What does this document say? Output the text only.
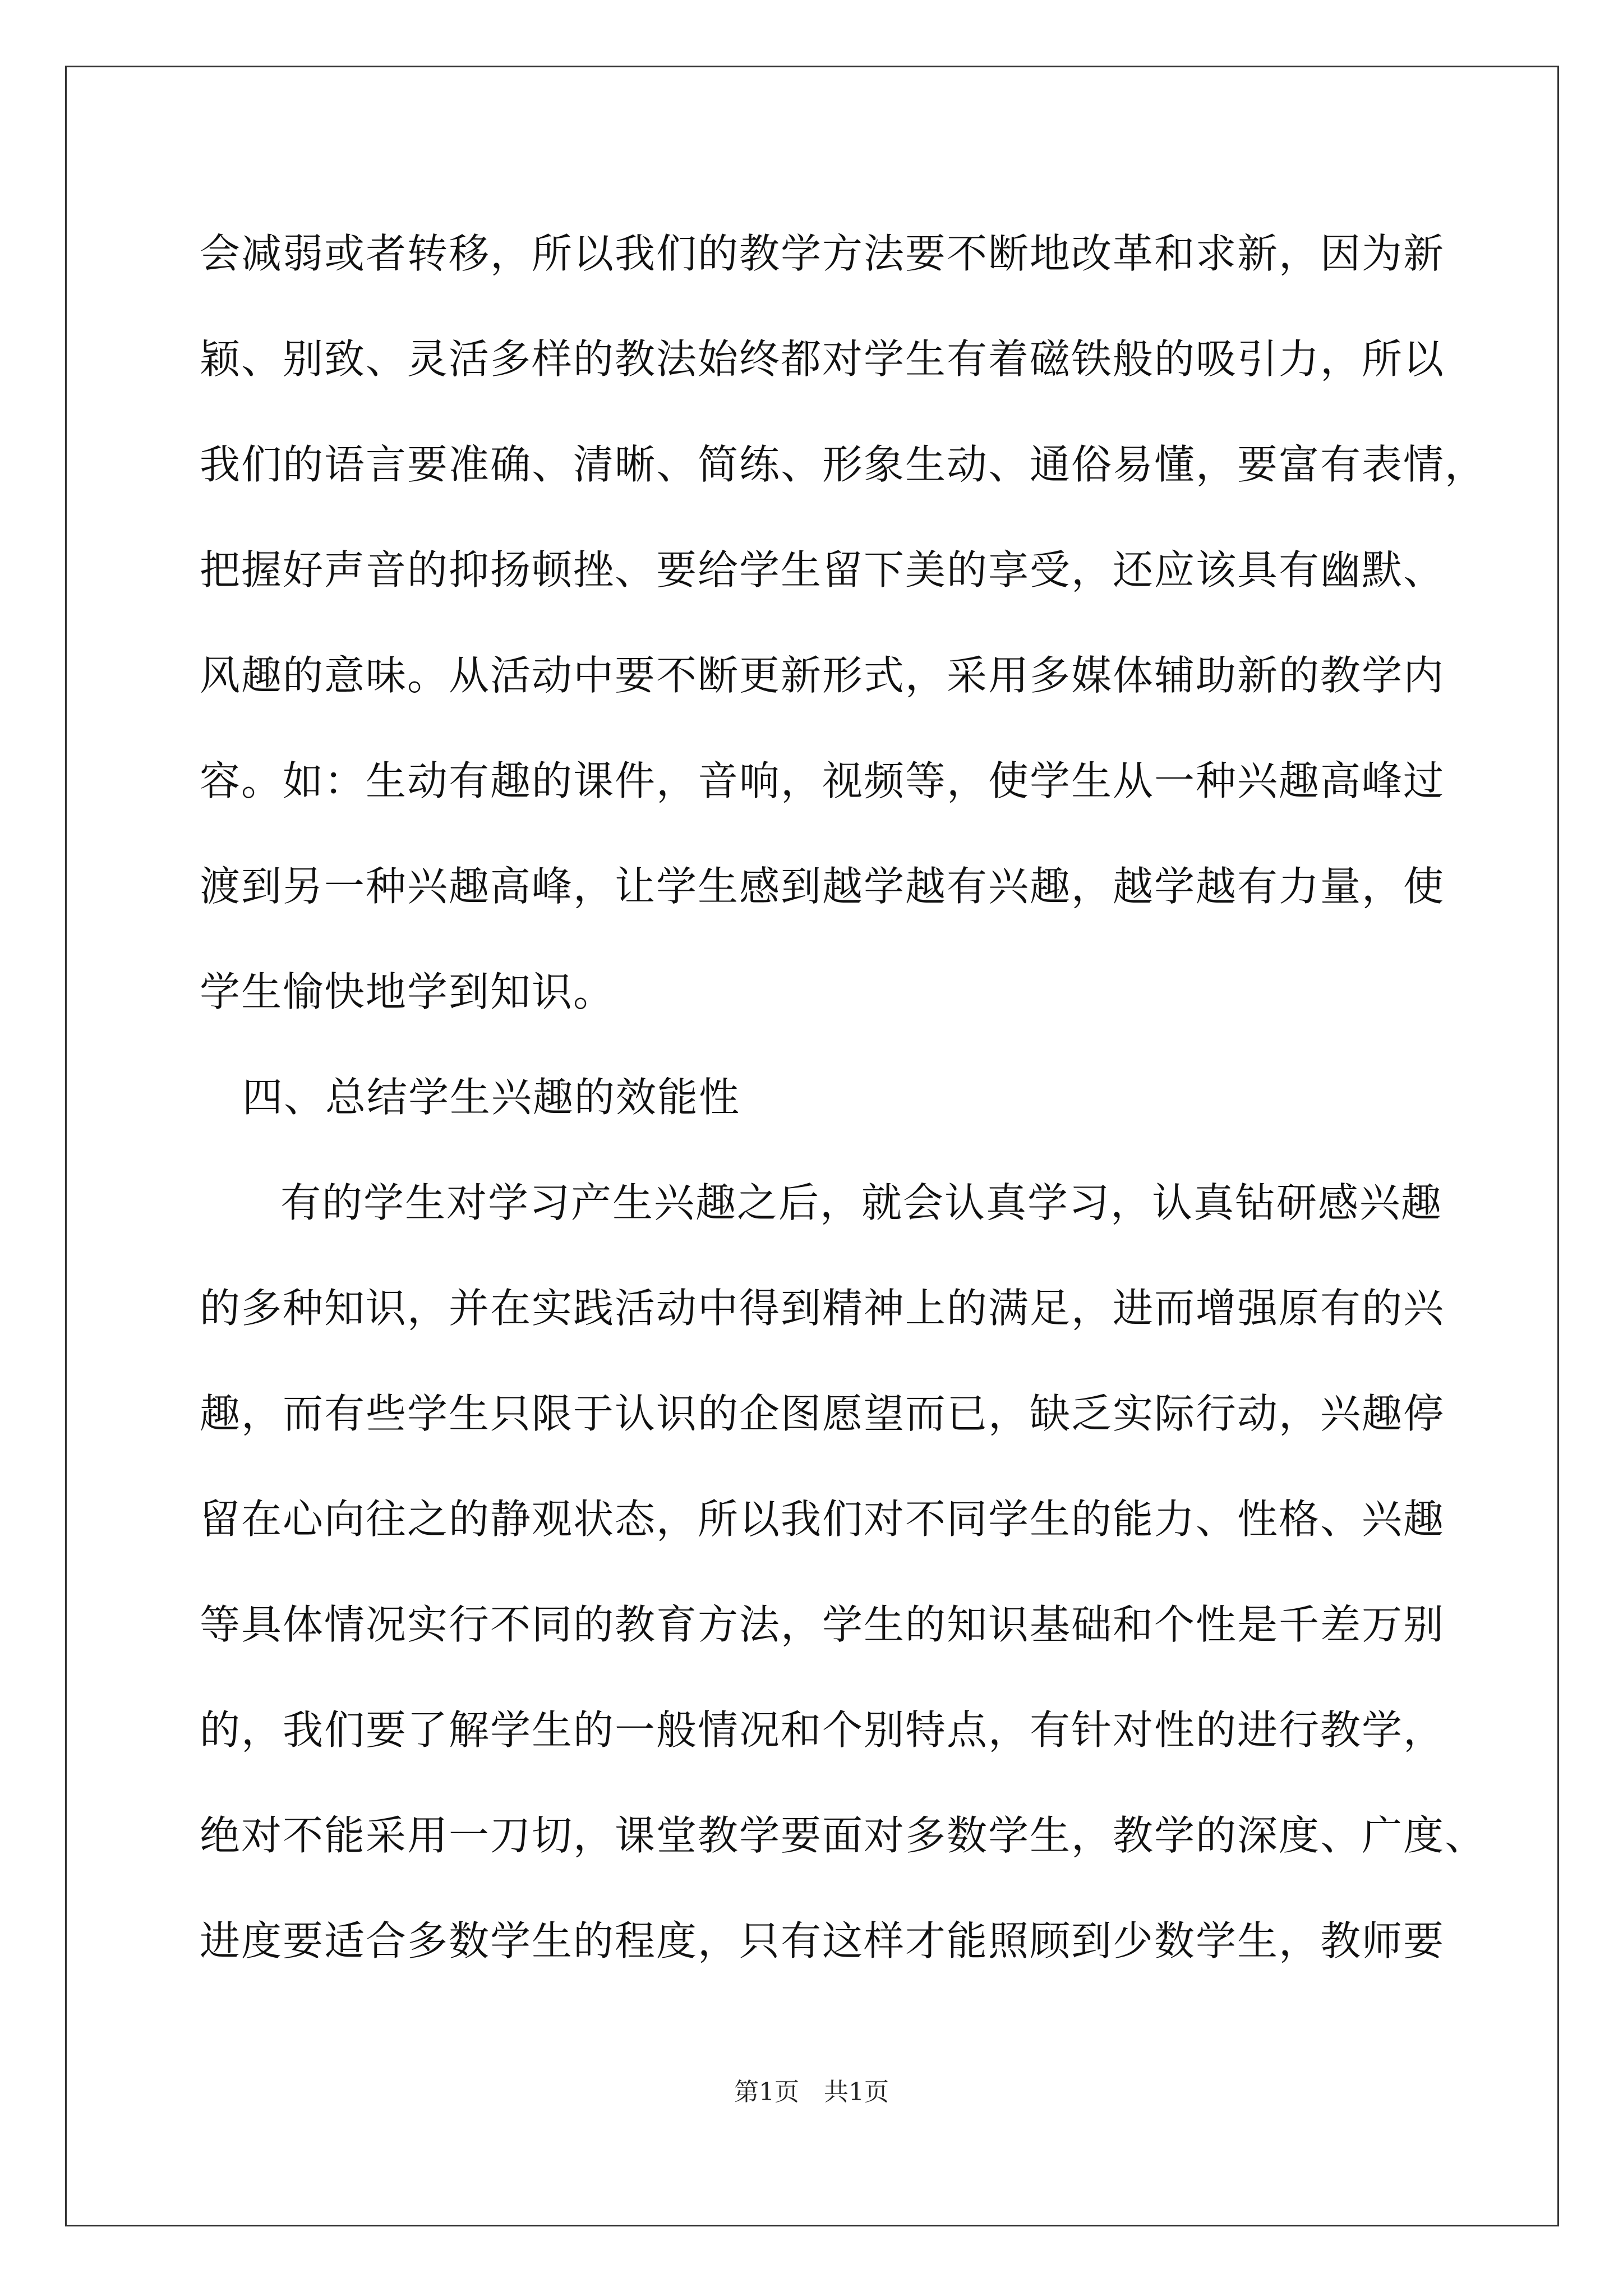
会减弱或者转移，所以我们的教学方法要不断地改革和求新，因为新
颖、别致、灵活多样的教法始终都对学生有着磁铁般的吸引力，所以
我们的语言要准确、清晰、简练、形象生动、通俗易懂，要富有表情，
把握好声音的抑扬顿挫、要给学生留下美的享受，还应该具有幽默、
风趣的意味。从活动中要不断更新形式，采用多媒体辅助新的教学内
容。如：生动有趣的课件，音响，视频等，使学生从一种兴趣高峰过
渡到另一种兴趣高峰，让学生感到越学越有兴趣，越学越有力量，使
学生愉快地学到知识。
四、总结学生兴趣的效能性
有的学生对学习产生兴趣之后，就会认真学习，认真钻研感兴趣
的多种知识，并在实践活动中得到精神上的满足，进而增强原有的兴
趣，而有些学生只限于认识的企图愿望而已，缺乏实际行动，兴趣停
留在心向往之的静观状态，所以我们对不同学生的能力、性格、兴趣
等具体情况实行不同的教育方法，学生的知识基础和个性是千差万别
的，我们要了解学生的一般情况和个别特点，有针对性的进行教学，
绝对不能采用一刀切，课堂教学要面对多数学生，教学的深度、广度、
进度要适合多数学生的程度，只有这样才能照顾到少数学生，教师要
第1页　共1页
